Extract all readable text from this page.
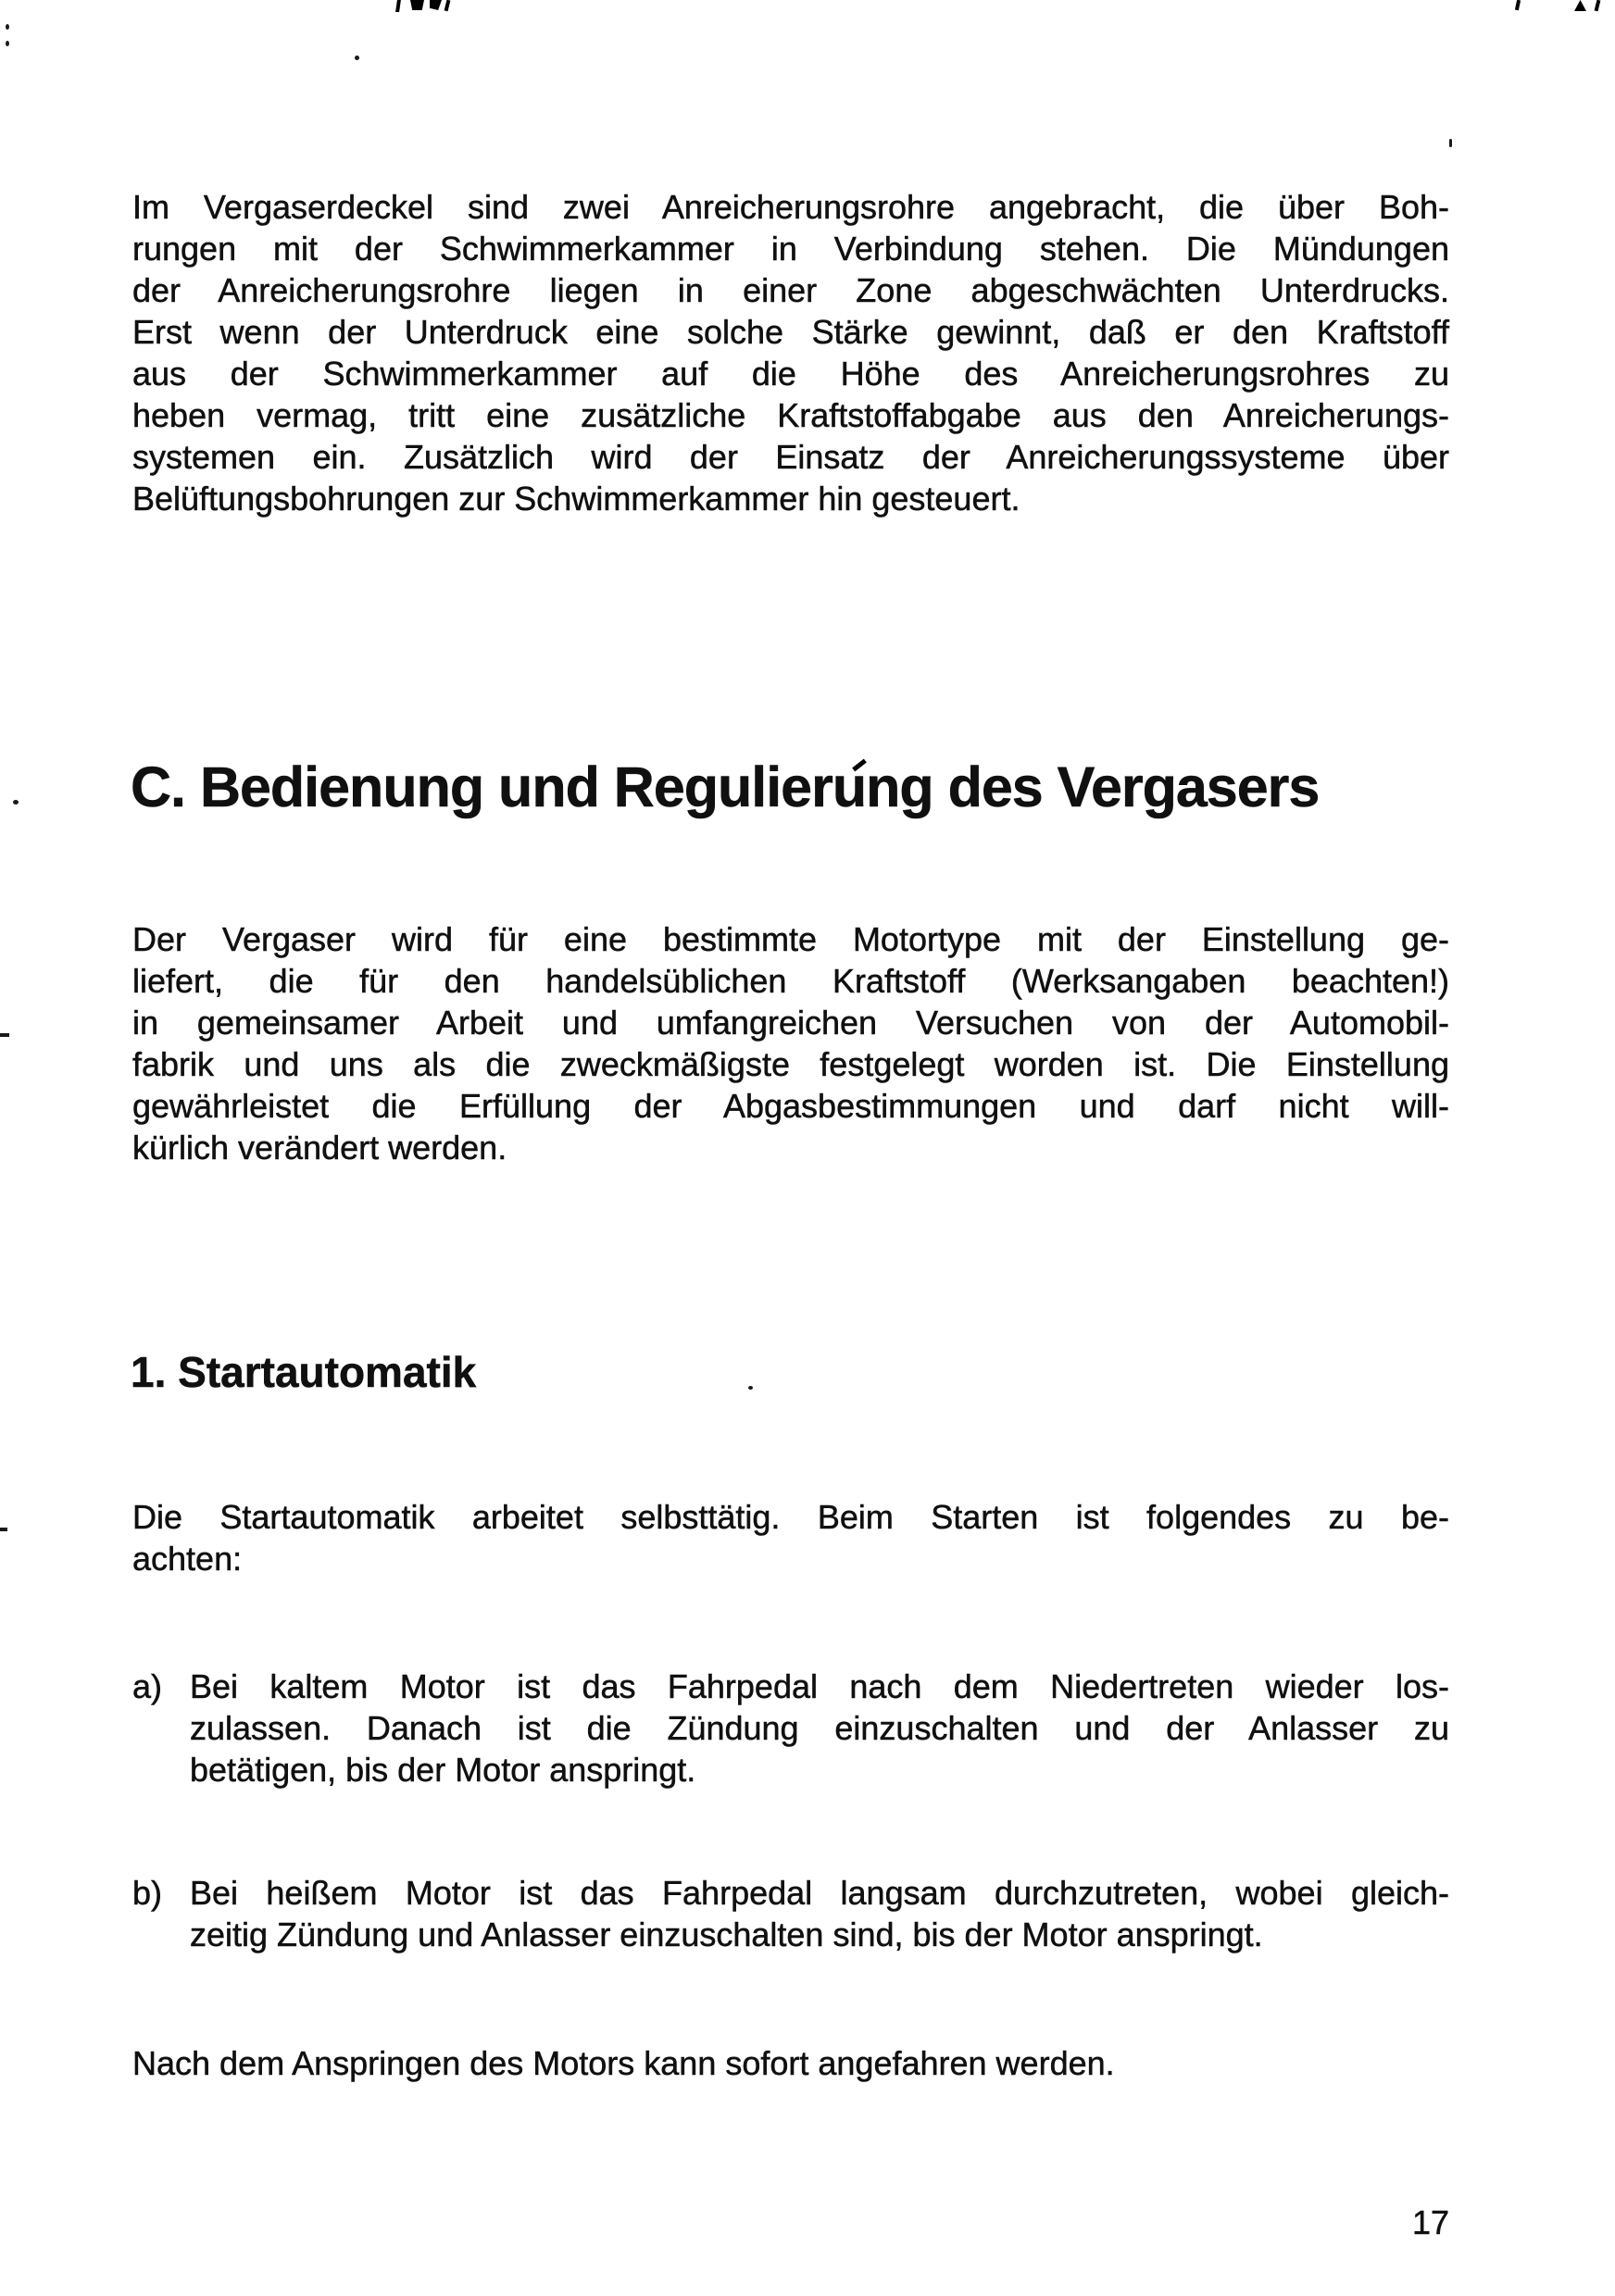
Im Vergaserdeckel sind zwei Anreicherungsrohre angebracht, die über Boh-
rungen mit der Schwimmerkammer in Verbindung stehen. Die Mündungen
der Anreicherungsrohre liegen in einer Zone abgeschwächten Unterdrucks.
Erst wenn der Unterdruck eine solche Stärke gewinnt, daß er den Kraftstoff
aus der Schwimmerkammer auf die Höhe des Anreicherungsrohres zu
heben vermag, tritt eine zusätzliche Kraftstoffabgabe aus den Anreicherungs-
systemen ein. Zusätzlich wird der Einsatz der Anreicherungssysteme über
Belüftungsbohrungen zur Schwimmerkammer hin gesteuert.
C. Bedienung und Regulierung des Vergasers
Der Vergaser wird für eine bestimmte Motortype mit der Einstellung ge-
liefert, die für den handelsüblichen Kraftstoff (Werksangaben beachten!)
in gemeinsamer Arbeit und umfangreichen Versuchen von der Automobil-
fabrik und uns als die zweckmäßigste festgelegt worden ist. Die Einstellung
gewährleistet die Erfüllung der Abgasbestimmungen und darf nicht will-
kürlich verändert werden.
1. Startautomatik
Die Startautomatik arbeitet selbsttätig. Beim Starten ist folgendes zu be-
achten:
a) Bei kaltem Motor ist das Fahrpedal nach dem Niedertreten wieder los-
zulassen. Danach ist die Zündung einzuschalten und der Anlasser zu
betätigen, bis der Motor anspringt.
b) Bei heißem Motor ist das Fahrpedal langsam durchzutreten, wobei gleich-
zeitig Zündung und Anlasser einzuschalten sind, bis der Motor anspringt.
Nach dem Anspringen des Motors kann sofort angefahren werden.
17
